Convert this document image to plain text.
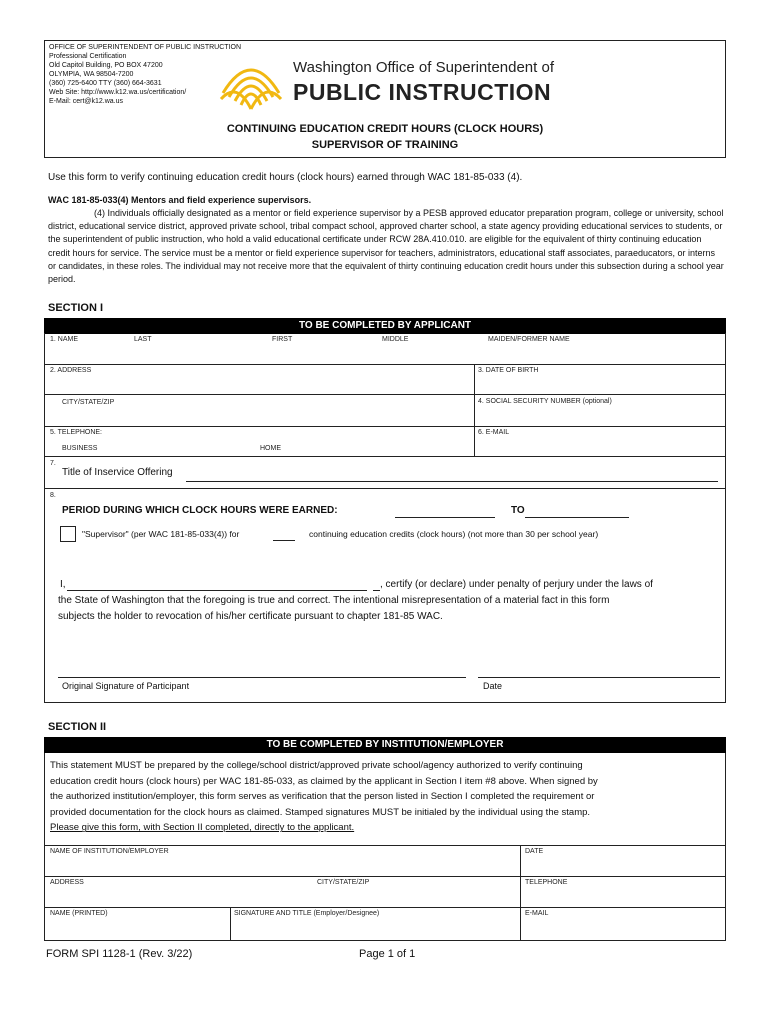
OFFICE OF SUPERINTENDENT OF PUBLIC INSTRUCTION
Professional Certification
Old Capitol Building, PO BOX 47200
OLYMPIA, WA 98504-7200
(360) 725-6400 TTY (360) 664-3631
Web Site: http://www.k12.wa.us/certification/
E-Mail: cert@k12.wa.us
Washington Office of Superintendent of
PUBLIC INSTRUCTION
CONTINUING EDUCATION CREDIT HOURS (CLOCK HOURS)
SUPERVISOR OF TRAINING
Use this form to verify continuing education credit hours (clock hours) earned through WAC 181-85-033 (4).
WAC 181-85-033(4) Mentors and field experience supervisors.
(4) Individuals officially designated as a mentor or field experience supervisor by a PESB approved educator preparation program, college or university, school district, educational service district, approved private school, tribal compact school, approved charter school, a state agency providing educational services to students, or the superintendent of public instruction, who hold a valid educational certificate under RCW 28A.410.010. are eligible for the equivalent of thirty continuing education credit hours for service. The service must be a mentor or field experience supervisor for teachers, administrators, educational staff associates, paraeducators, or interns or candidates, in these roles. The individual may not receive more that the equivalent of thirty continuing education credit hours under this subsection during a school year period.
SECTION I
TO BE COMPLETED BY APPLICANT
1. NAME	LAST	FIRST	MIDDLE	MAIDEN/FORMER NAME
2. ADDRESS	3. DATE OF BIRTH
CITY/STATE/ZIP	4. SOCIAL SECURITY NUMBER (optional)
5. TELEPHONE:	6. E-MAIL
BUSINESS	HOME
7.
Title of Inservice Offering
8.
PERIOD DURING WHICH CLOCK HOURS WERE EARNED:	TO
"Supervisor" (per WAC 181-85-033(4)) for	continuing education credits (clock hours) (not more than 30 per school year)
I,	, certify (or declare) under penalty of perjury under the laws of
the State of Washington that the foregoing is true and correct. The intentional misrepresentation of a material fact in this form
subjects the holder to revocation of his/her certificate pursuant to chapter 181-85 WAC.
Original Signature of Participant	Date
SECTION II
TO BE COMPLETED BY INSTITUTION/EMPLOYER
This statement MUST be prepared by the college/school district/approved private school/agency authorized to verify continuing
education credit hours (clock hours) per WAC 181-85-033, as claimed by the applicant in Section I item #8 above. When signed by
the authorized institution/employer, this form serves as verification that the person listed in Section I completed the requirement or
provided documentation for the clock hours as claimed. Stamped signatures MUST be initialed by the individual using the stamp.
Please give this form, with Section II completed, directly to the applicant.
NAME OF INSTITUTION/EMPLOYER	DATE
ADDRESS	CITY/STATE/ZIP	TELEPHONE
NAME (PRINTED)	SIGNATURE AND TITLE (Employer/Designee)	E-MAIL
FORM SPI 1128-1 (Rev. 3/22)	Page 1 of 1
